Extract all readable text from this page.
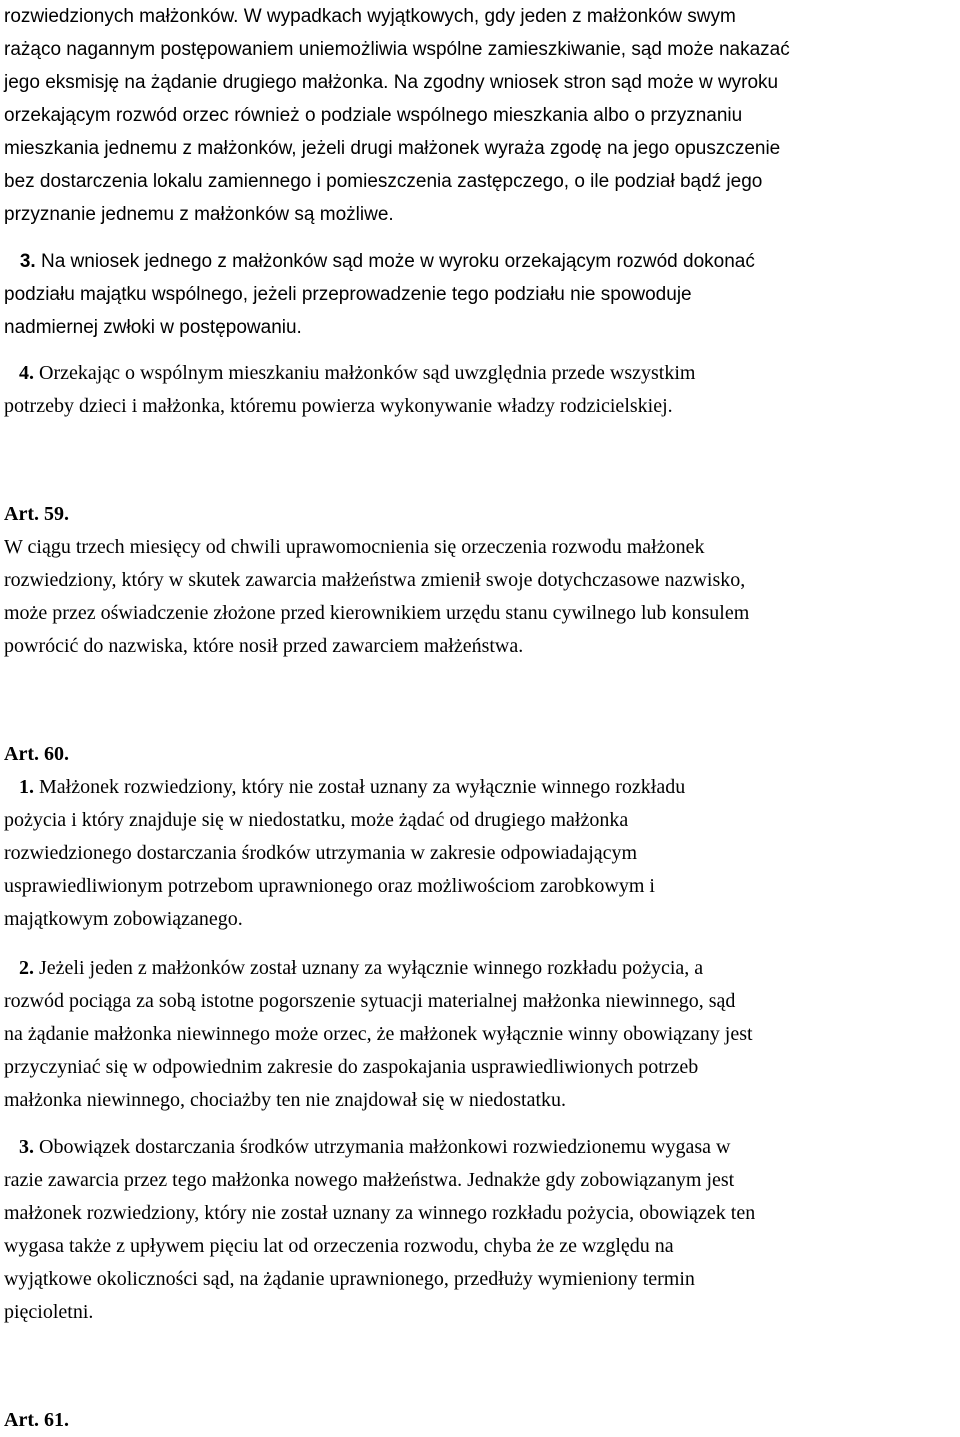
rozwiedzionych małżonków. W wypadkach wyjątkowych, gdy jeden z małżonków swym
rażąco nagannym postępowaniem uniemożliwia wspólne zamieszkiwanie, sąd może nakazać
jego eksmisję na żądanie drugiego małżonka. Na zgodny wniosek stron sąd może w wyroku
orzekającym rozwód orzec również o podziale wspólnego mieszkania albo o przyznaniu
mieszkania jednemu z małżonków, jeżeli drugi małżonek wyraża zgodę na jego opuszczenie
bez dostarczenia lokalu zamiennego i pomieszczenia zastępczego, o ile podział bądź jego
przyznanie jednemu z małżonków są możliwe.
3. Na wniosek jednego z małżonków sąd może w wyroku orzekającym rozwód dokonać
podziału majątku wspólnego, jeżeli przeprowadzenie tego podziału nie spowoduje
nadmiernej zwłoki w postępowaniu.
4. Orzekając o wspólnym mieszkaniu małżonków sąd uwzględnia przede wszystkim
potrzeby dzieci i małżonka, któremu powierza wykonywanie władzy rodzicielskiej.
Art. 59.
W ciągu trzech miesięcy od chwili uprawomocnienia się orzeczenia rozwodu małżonek
rozwiedziony, który w skutek zawarcia małżeństwa zmienił swoje dotychczasowe nazwisko,
może przez oświadczenie złożone przed kierownikiem urzędu stanu cywilnego lub konsulem
powrócić do nazwiska, które nosił przed zawarciem małżeństwa.
Art. 60.
1. Małżonek rozwiedziony, który nie został uznany za wyłącznie winnego rozkładu
pożycia i który znajduje się w niedostatku, może żądać od drugiego małżonka
rozwiedzionego dostarczania środków utrzymania w zakresie odpowiadającym
usprawiedliwionym potrzebom uprawnionego oraz możliwościom zarobkowym i
majątkowym zobowiązanego.
2. Jeżeli jeden z małżonków został uznany za wyłącznie winnego rozkładu pożycia, a
rozwód pociąga za sobą istotne pogorszenie sytuacji materialnej małżonka niewinnego, sąd
na żądanie małżonka niewinnego może orzec, że małżonek wyłącznie winny obowiązany jest
przyczyniać się w odpowiednim zakresie do zaspokajania usprawiedliwionych potrzeb
małżonka niewinnego, chociażby ten nie znajdował się w niedostatku.
3. Obowiązek dostarczania środków utrzymania małżonkowi rozwiedzionemu wygasa w
razie zawarcia przez tego małżonka nowego małżeństwa. Jednakże gdy zobowiązanym jest
małżonek rozwiedziony, który nie został uznany za winnego rozkładu pożycia, obowiązek ten
wygasa także z upływem pięciu lat od orzeczenia rozwodu, chyba że ze względu na
wyjątkowe okoliczności sąd, na żądanie uprawnionego, przedłuży wymieniony termin
pięcioletni.
Art. 61.
